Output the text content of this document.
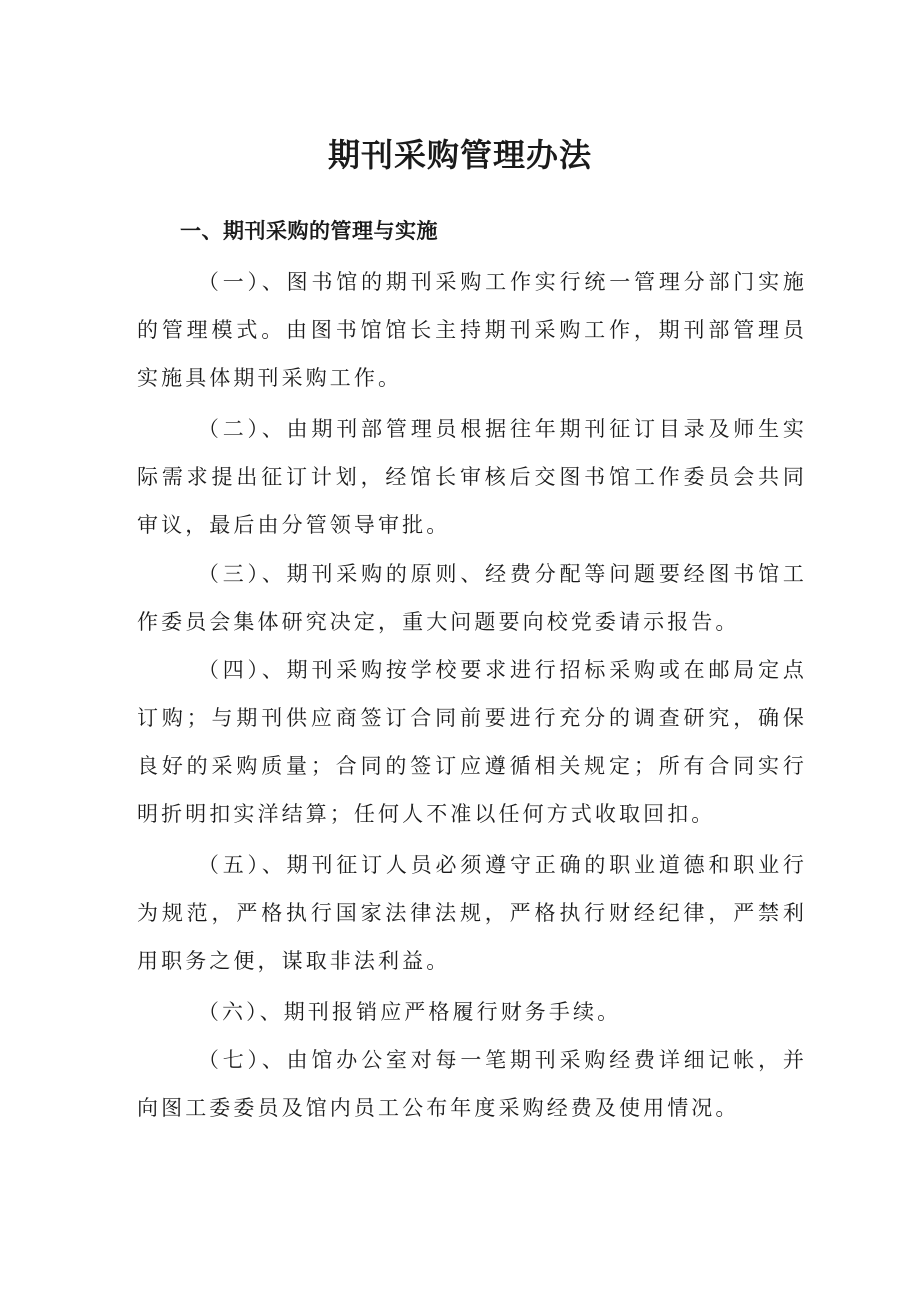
期刊采购管理办法
一、期刊采购的管理与实施

（一）、图书馆的期刊采购工作实行统一管理分部门实施的管理模式。由图书馆馆长主持期刊采购工作，期刊部管理员实施具体期刊采购工作。

（二）、由期刊部管理员根据往年期刊征订目录及师生实际需求提出征订计划，经馆长审核后交图书馆工作委员会共同审议，最后由分管领导审批。

（三）、期刊采购的原则、经费分配等问题要经图书馆工作委员会集体研究决定，重大问题要向校党委请示报告。

（四）、期刊采购按学校要求进行招标采购或在邮局定点订购；与期刊供应商签订合同前要进行充分的调查研究，确保良好的采购质量；合同的签订应遵循相关规定；所有合同实行明折明扣实洋结算；任何人不准以任何方式收取回扣。

（五）、期刊征订人员必须遵守正确的职业道德和职业行为规范，严格执行国家法律法规，严格执行财经纪律，严禁利用职务之便，谋取非法利益。

（六）、期刊报销应严格履行财务手续。

（七）、由馆办公室对每一笔期刊采购经费详细记帐，并向图工委委员及馆内员工公布年度采购经费及使用情况。
